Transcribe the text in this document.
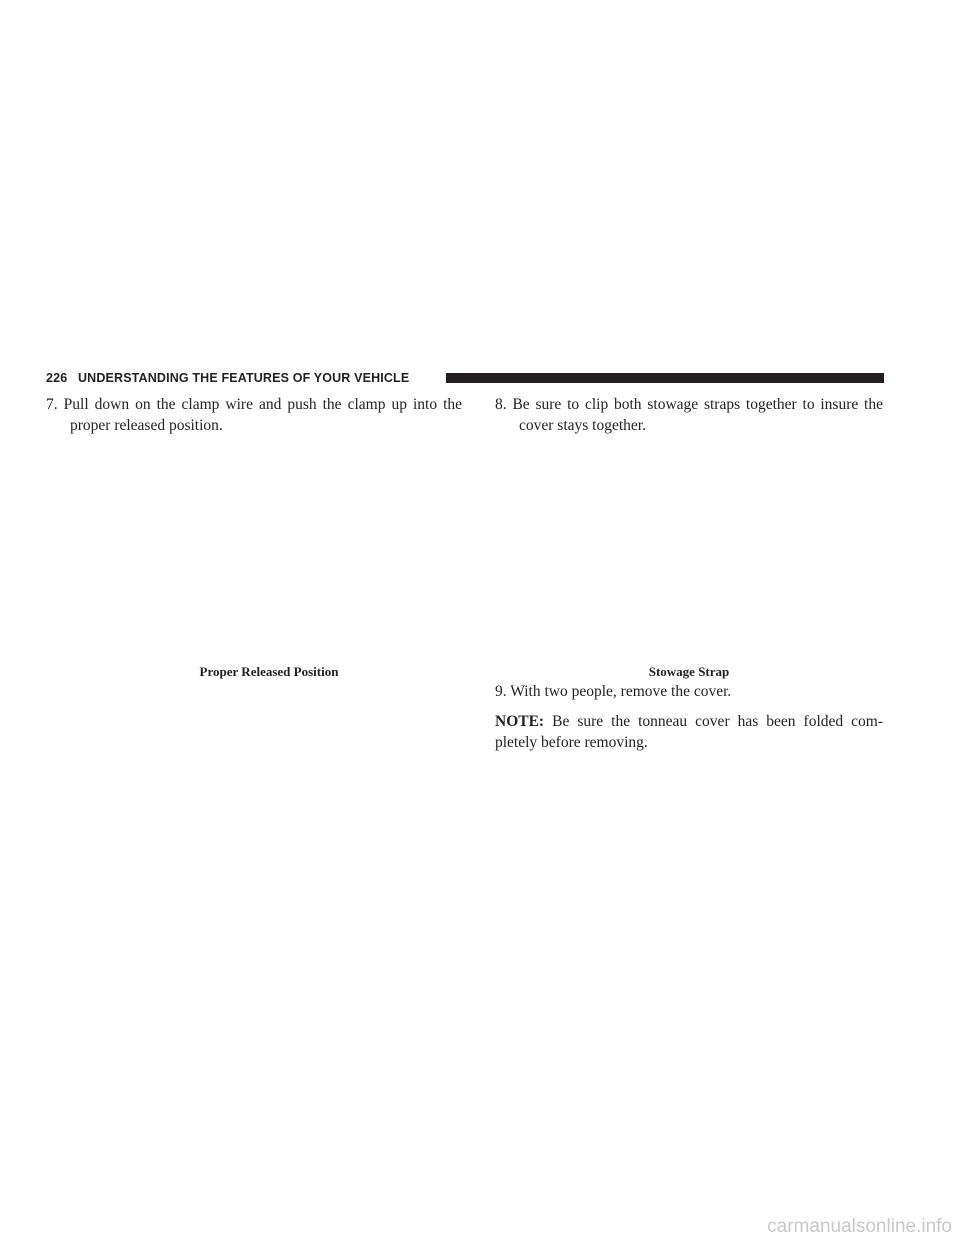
226 UNDERSTANDING THE FEATURES OF YOUR VEHICLE

7. Pull down on the clamp wire and push the clamp up into the proper released position.

Proper Released Position

8. Be sure to clip both stowage straps together to insure the cover stays together.

Stowage Strap
9. With two people, remove the cover.
NOTE: Be sure the tonneau cover has been folded com-pletely before removing.
carmanualsonline.info
